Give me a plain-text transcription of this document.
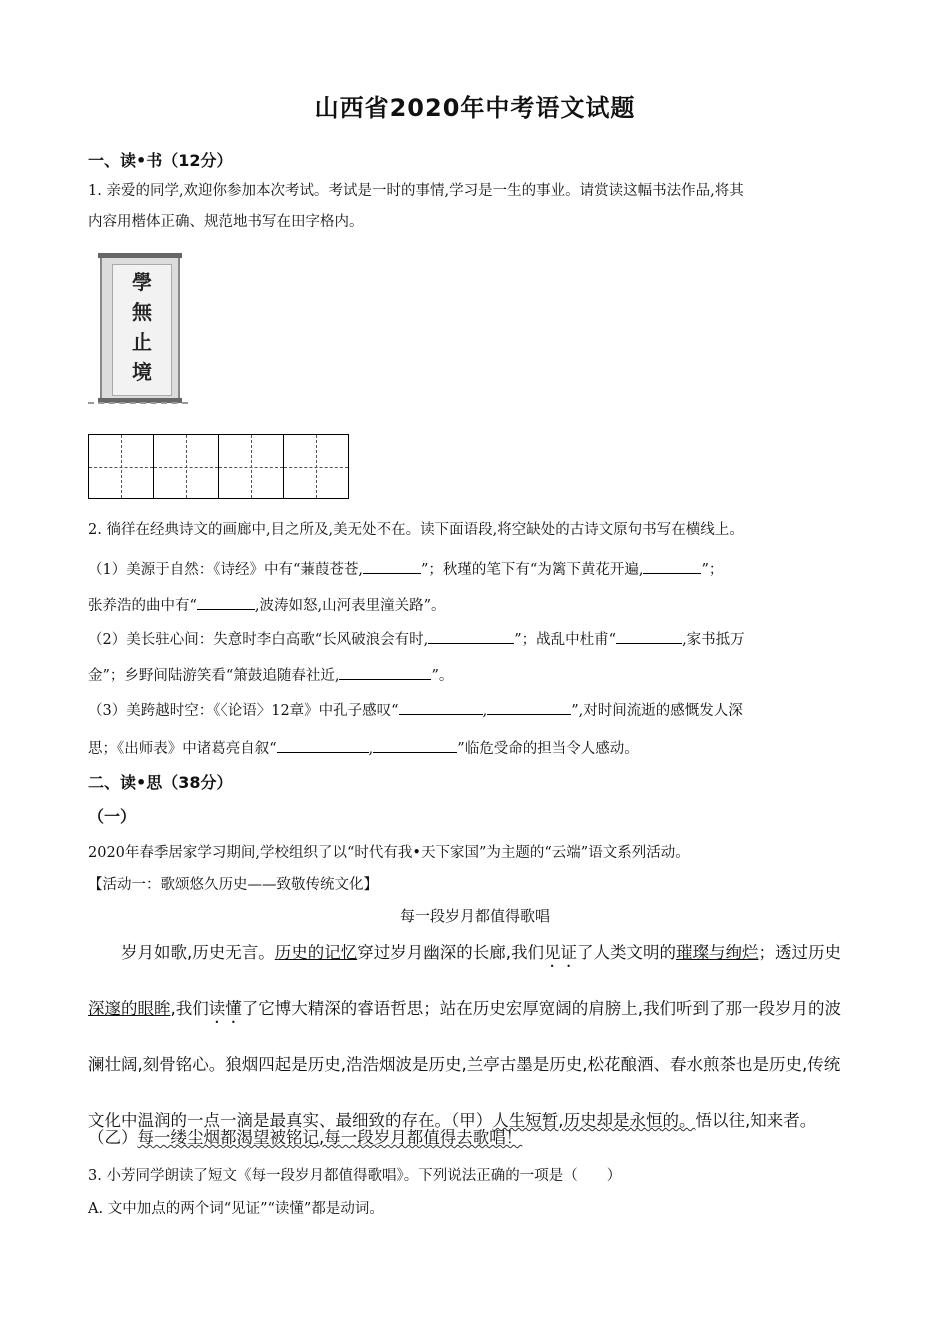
山西省2020年中考语文试题
一、读•书（12分）
1. 亲爱的同学,欢迎你参加本次考试。考试是一时的事情,学习是一生的事业。请赏读这幅书法作品,将其
内容用楷体正确、规范地书写在田字格内。
學
無
止
境
2. 徜徉在经典诗文的画廊中,目之所及,美无处不在。读下面语段,将空缺处的古诗文原句书写在横线上。
（1）美源于自然：《诗经》中有“蒹葭苍苍,	”；秋瑾的笔下有“为篱下黄花开遍,	”；
张养浩的曲中有“	,波涛如怒,山河表里潼关路”。
（2）美长驻心间：失意时李白高歌“长风破浪会有时,	”；战乱中杜甫“	,家书抵万
金”；乡野间陆游笑看“箫鼓追随春社近,	”。
（3）美跨越时空：《〈论语〉12章》中孔子感叹“	,	”,对时间流逝的感慨发人深
思；《出师表》中诸葛亮自叙“	,	”临危受命的担当令人感动。
二、读•思（38分）
（一）
2020年春季居家学习期间,学校组织了以“时代有我•天下家国”为主题的“云端”语文系列活动。
【活动一：歌颂悠久历史——致敬传统文化】
每一段岁月都值得歌唱
岁月如歌,历史无言。历史的记忆穿过岁月幽深的长廊,我们见证了人类文明的璀璨与绚烂；透过历史深邃的眼眸,我们读懂了它博大精深的睿语哲思；站在历史宏厚宽阔的肩膀上,我们听到了那一段岁月的波澜壮阔,刻骨铭心。狼烟四起是历史,浩浩烟波是历史,兰亭古墨是历史,松花酿酒、春水煎茶也是历史,传统文化中温润的一点一滴是最真实、最细致的存在。（甲）人生短暂,历史却是永恒的。悟以往,知来者。
（乙）每一缕尘烟都渴望被铭记,每一段岁月都值得去歌唱！
3. 小芳同学朗读了短文《每一段岁月都值得歌唱》。下列说法正确的一项是（　　）
A. 文中加点的两个词“见证”“读懂”都是动词。
